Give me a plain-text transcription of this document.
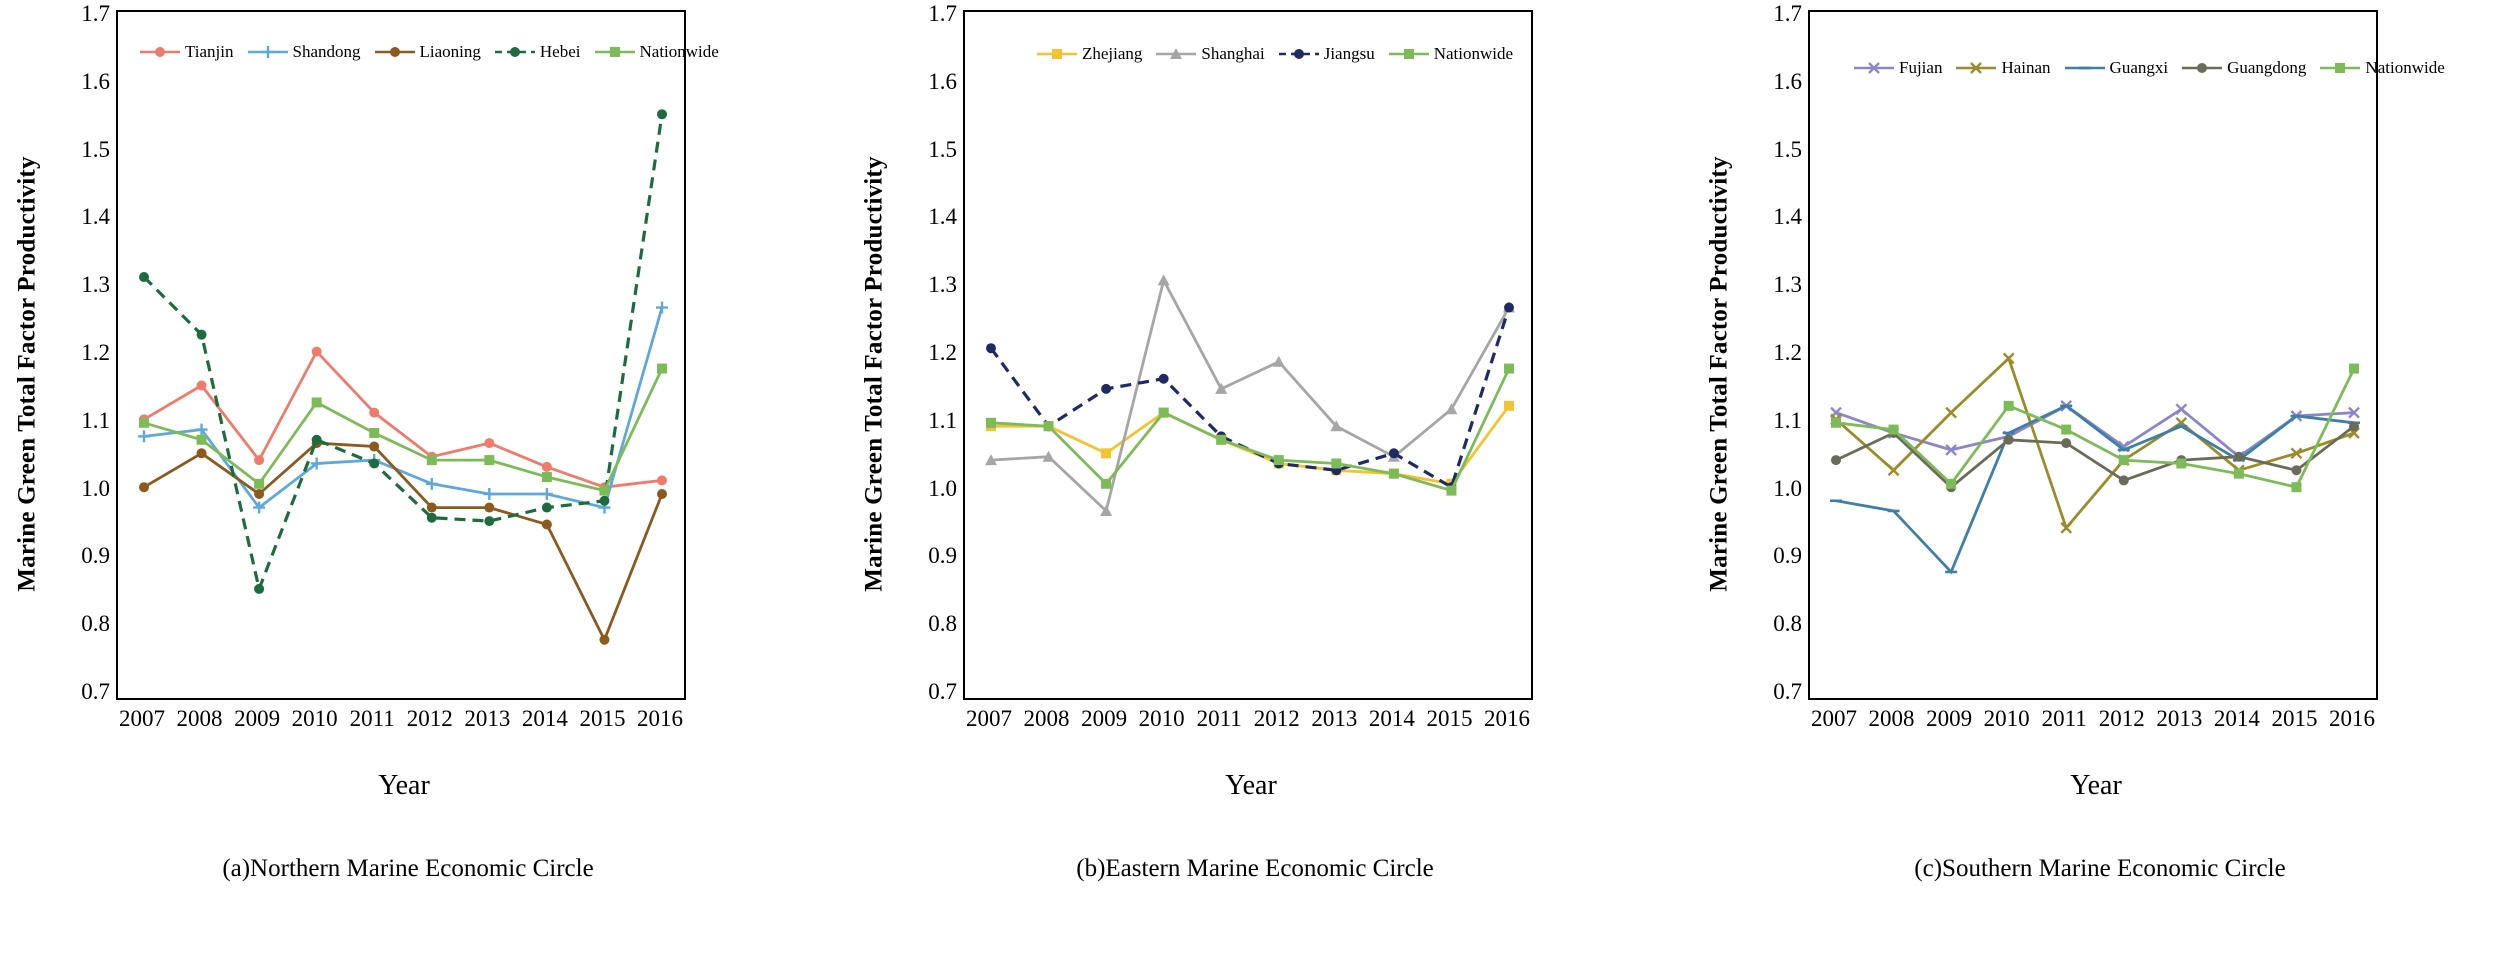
Marine Green Total Factor Productivity
1.7
1.6
1.5
1.4
1.3
1.2
1.1
1.0
0.9
0.8
0.7
Tianjin	Shandong	Liaoning	Hebei	Nationwide
2007 2008 2009 2010 2011 2012 2013 2014 2015 2016
Year
(a)Northern Marine Economic Circle
Marine Green Total Factor Productivity
1.7
1.6
1.5
1.4
1.3
1.2
1.1
1.0
0.9
0.8
0.7
Zhejiang	Shanghai	Jiangsu	Nationwide
2007 2008 2009 2010 2011 2012 2013 2014 2015 2016
Year
(b)Eastern Marine Economic Circle
Marine Green Total Factor Productivity
1.7
1.6
1.5
1.4
1.3
1.2
1.1
1.0
0.9
0.8
0.7
Fujian	Hainan	Guangxi	Guangdong	Nationwide
2007 2008 2009 2010 2011 2012 2013 2014 2015 2016
Year
(c)Southern Marine Economic Circle
